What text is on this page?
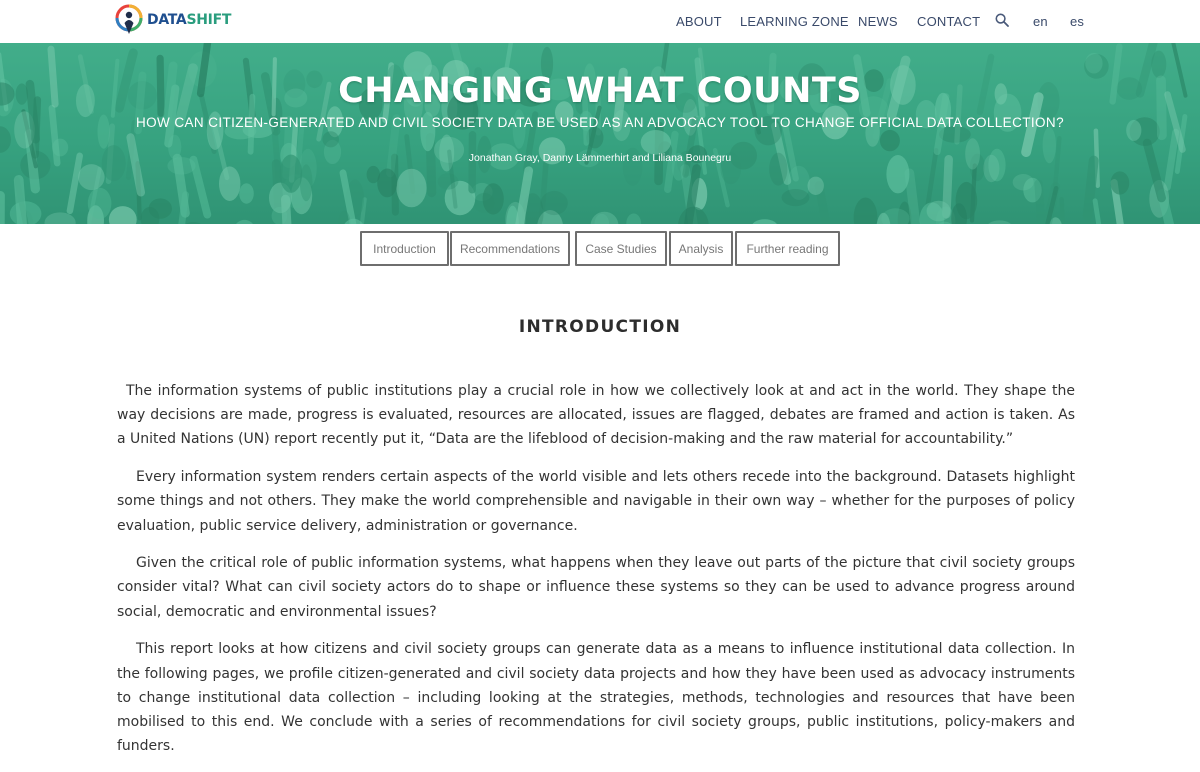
DATASHIFT	ABOUT LEARNING ZONE NEWS CONTACT	en es
CHANGING WHAT COUNTS
HOW CAN CITIZEN-GENERATED AND CIVIL SOCIETY DATA BE USED AS AN ADVOCACY TOOL TO CHANGE OFFICIAL DATA COLLECTION?
Jonathan Gray, Danny Lämmerhirt and Liliana Bounegru
Introduction	Recommendations	Case Studies	Analysis	Further reading
INTRODUCTION

The information systems of public institutions play a crucial role in how we collectively look at and act in the world. They shape the way decisions are made, progress is evaluated, resources are allocated, issues are flagged, debates are framed and action is taken. As a United Nations (UN) report recently put it, “Data are the lifeblood of decision-making and the raw material for accountability.”

Every information system renders certain aspects of the world visible and lets others recede into the background. Datasets highlight some things and not others. They make the world comprehensible and navigable in their own way – whether for the purposes of policy evaluation, public service delivery, administration or governance.

Given the critical role of public information systems, what happens when they leave out parts of the picture that civil society groups consider vital? What can civil society actors do to shape or influence these systems so they can be used to advance progress around social, democratic and environmental issues?

This report looks at how citizens and civil society groups can generate data as a means to influence institutional data collection. In the following pages, we profile citizen-generated and civil society data projects and how they have been used as advocacy instruments to change institutional data collection – including looking at the strategies, methods, technologies and resources that have been mobilised to this end. We conclude with a series of recommendations for civil society groups, public institutions, policy-makers and funders.
